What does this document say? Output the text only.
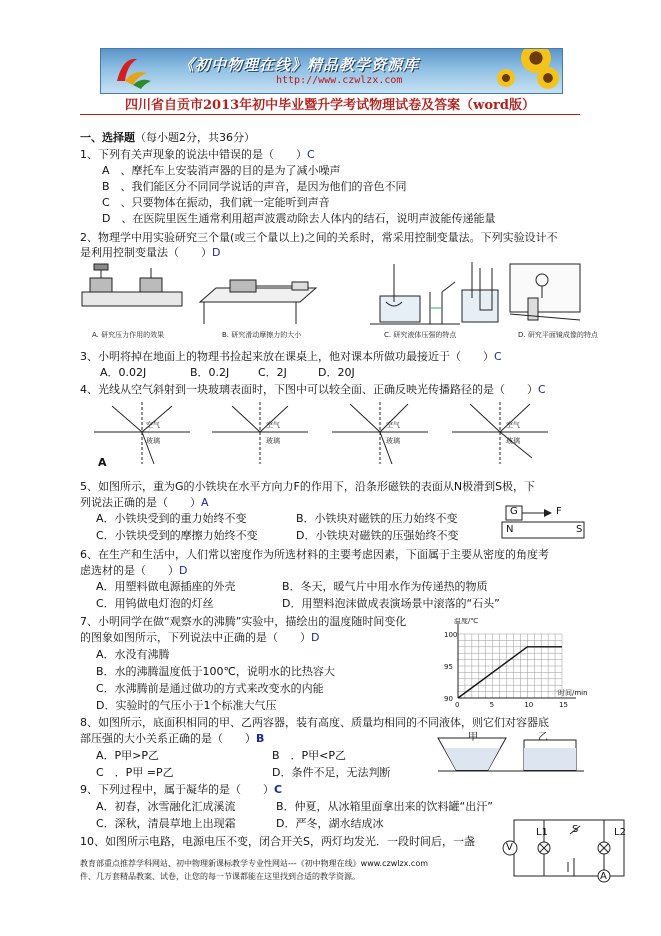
《初中物理在线》精品教学资源库
http://www.czwlzx.com
四川省自贡市2013年初中毕业暨升学考试物理试卷及答案（word版）
一、选择题（每小题2分，共36分）
1、下列有关声现象的说法中错误的是（　　）C
A　、摩托车上安装消声器的目的是为了减小噪声
B　、我们能区分不同同学说话的声音，是因为他们的音色不同
C　、只要物体在振动，我们就一定能听到声音
D　、在医院里医生通常利用超声波震动除去人体内的结石，说明声波能传递能量
2、物理学中用实验研究三个量(或三个量以上)之间的关系时，常采用控制变量法。下列实验设计不
是利用控制变量法（　　）D
A. 研究压力作用的效果	B. 研究滑动摩擦力的大小	C. 研究液体压强的特点	D. 研究平面镜成像的特点
3、小明将掉在地面上的物理书捡起来放在课桌上，他对课本所做功最接近于（　　）C
A．0.02J	B．0.2J	C．2J	D．20J
4、光线从空气斜射到一块玻璃表面时，下图中可以较全面、正确反映光传播路径的是（　　）C
空气
玻璃
空气
玻璃
空气
玻璃
空气
玻璃
A
5、如图所示，重为G的小铁块在水平方向力F的作用下，沿条形磁铁的表面从N极滑到S极，下
列说法正确的是（　　）A
A．小铁块受到的重力始终不变	B．小铁块对磁铁的压力始终不变
C．小铁块受到的摩擦力始终不变	D．小铁块对磁铁的压强始终不变
G	F
N	S
6、在生产和生活中，人们常以密度作为所选材料的主要考虑因素，下面属于主要从密度的角度考
虑选材的是（　　）D
A．用塑料做电源插座的外壳	B．冬天，暖气片中用水作为传递热的物质
C．用钨做电灯泡的灯丝	D．用塑料泡沫做成表演场景中滚落的“石头”
7、小明同学在做“观察水的沸腾”实验中，描绘出的温度随时间变化
的图象如图所示，下列说法中正确的是（　　）D
A．水没有沸腾
B．水的沸腾温度低于100℃，说明水的比热容大
C．水沸腾前是通过做功的方式来改变水的内能
D．实验时的气压小于1个标准大气压	0	5	10	15
90
95
100
温度/℃
时间/min
8、如图所示，底面积相同的甲、乙两容器，装有高度、质量均相同的不同液体，则它们对容器底
部压强的大小关系正确的是（　　）B
A．P甲>P乙	B　．P甲<P乙
C　．P甲 =P乙	D．条件不足，无法判断
甲	乙
9、下列过程中，属于凝华的是（　　）C
A．初春，冰雪融化汇成溪流	B．仲夏，从冰箱里面拿出来的饮料罐“出汗”
C．深秋，清晨草地上出现霜	D．严冬，湖水结成冰
10、如图所示电路，电源电压不变，闭合开关S，两灯均发光．一段时间后，一盏	V
L1 S	L2
A
教育部重点推荐学科网站、初中物理新课标教学专业性网站---《初中物理在线》www.czwlzx.com
件、几万套精品教案、试卷，让您的每一节课都能在这里找到合适的教学资源。
